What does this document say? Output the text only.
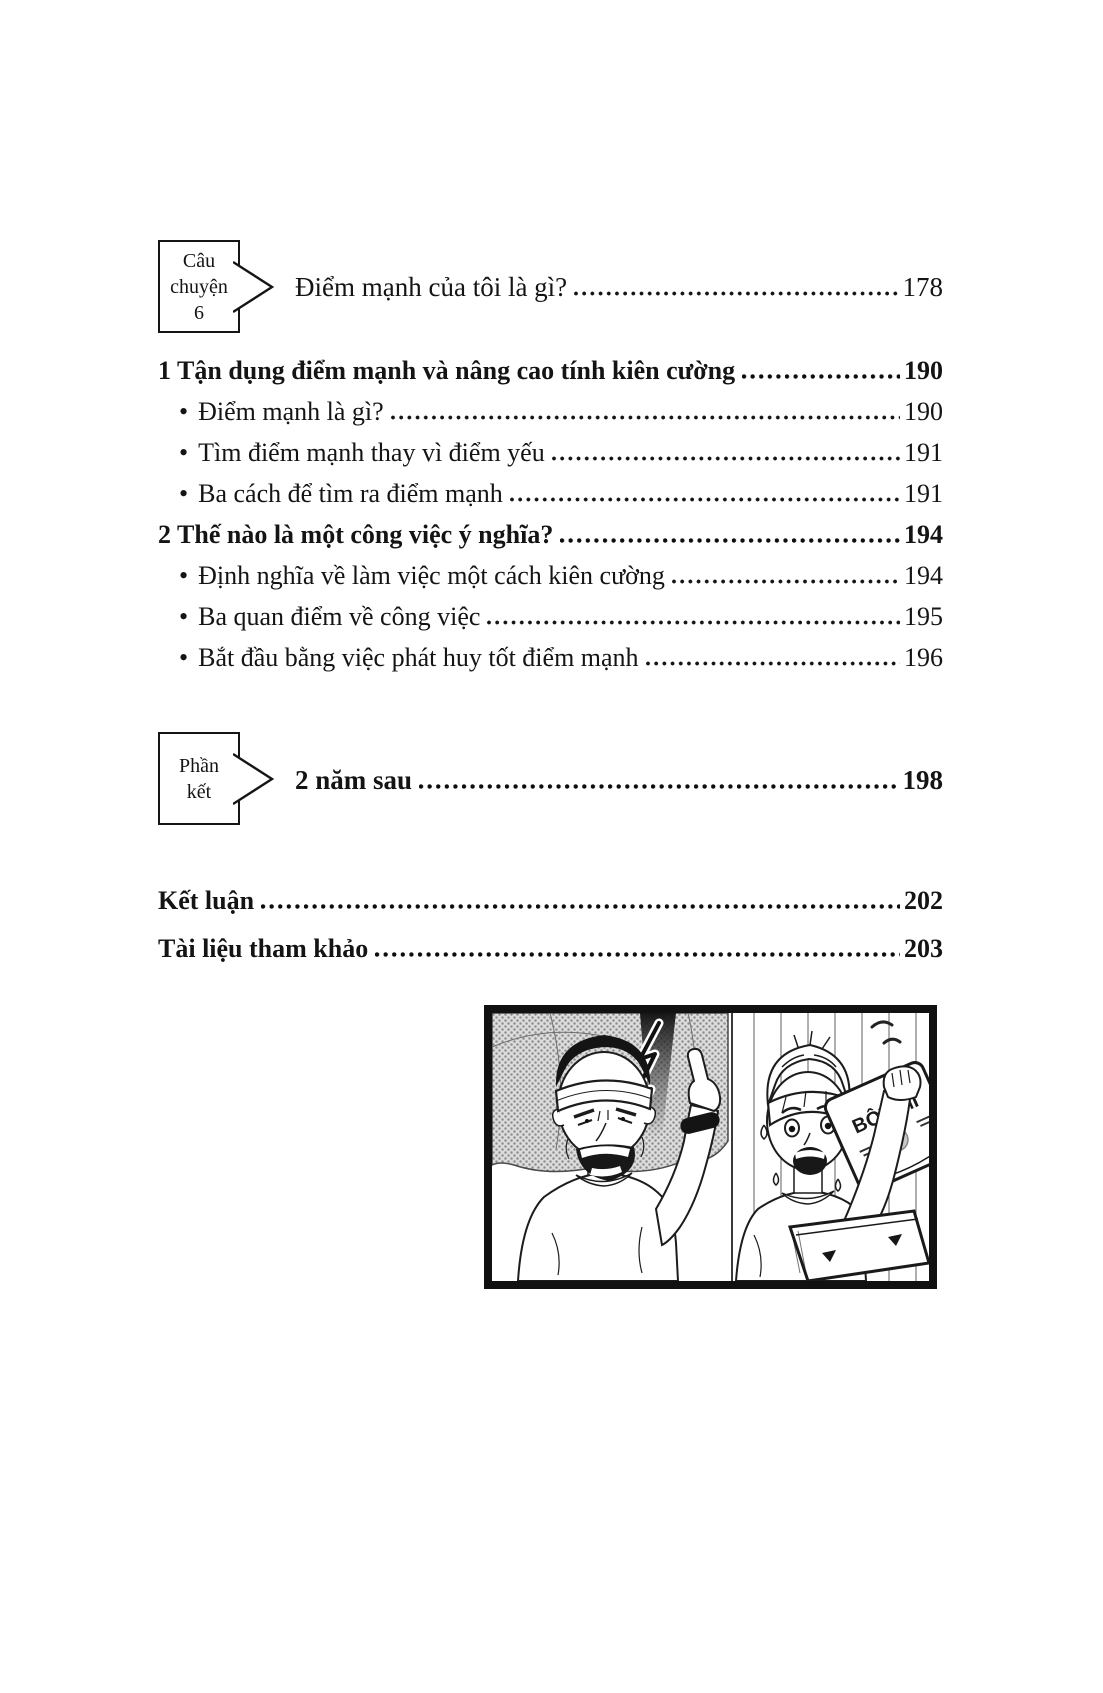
Câu
chuyện
6
Điểm mạnh của tôi là gì?	178
1 Tận dụng điểm mạnh và nâng cao tính kiên cường	190
• Điểm mạnh là gì?	190
• Tìm điểm mạnh thay vì điểm yếu	191
• Ba cách để tìm ra điểm mạnh	191
2 Thế nào là một công việc ý nghĩa?	194
• Định nghĩa về làm việc một cách kiên cường	194
• Ba quan điểm về công việc	195
• Bắt đầu bằng việc phát huy tốt điểm mạnh	196
Phần
kết	2 năm sau	198
Kết luận	202
Tài liệu tham khảo	203
BỘT
